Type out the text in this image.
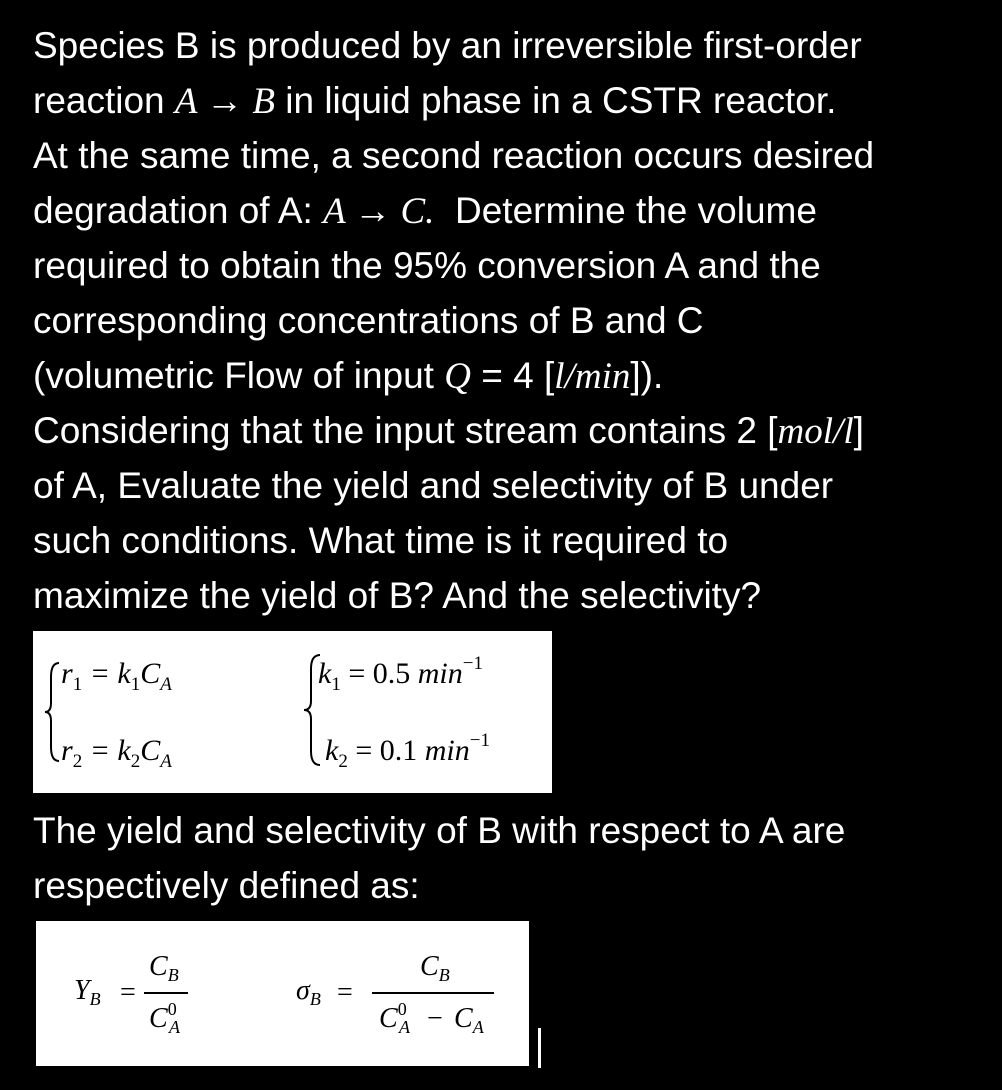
Species B is produced by an irreversible first-order
reaction A → B in liquid phase in a CSTR reactor.
At the same time, a second reaction occurs desired
degradation of A: A → C. Determine the volume
required to obtain the 95% conversion A and the
corresponding concentrations of B and C
(volumetric Flow of input Q = 4 [l/min]).
Considering that the input stream contains 2 [mol/l]
of A, Evaluate the yield and selectivity of B under
such conditions. What time is it required to
maximize the yield of B? And the selectivity?
$r_1 = k_1C_A$
$r_2 = k_2C_A$
$k_1 = 0.5$ $\min^{-1}$
$k_2 = 0.1$ $\min^{-1}$
The yield and selectivity of B with respect to A are
respectively defined as:
$Y_B$ =
$C_B$
$C^0$ A
$\sigma_B$ =
$C_B$
$C^0$ $A - C_A$
